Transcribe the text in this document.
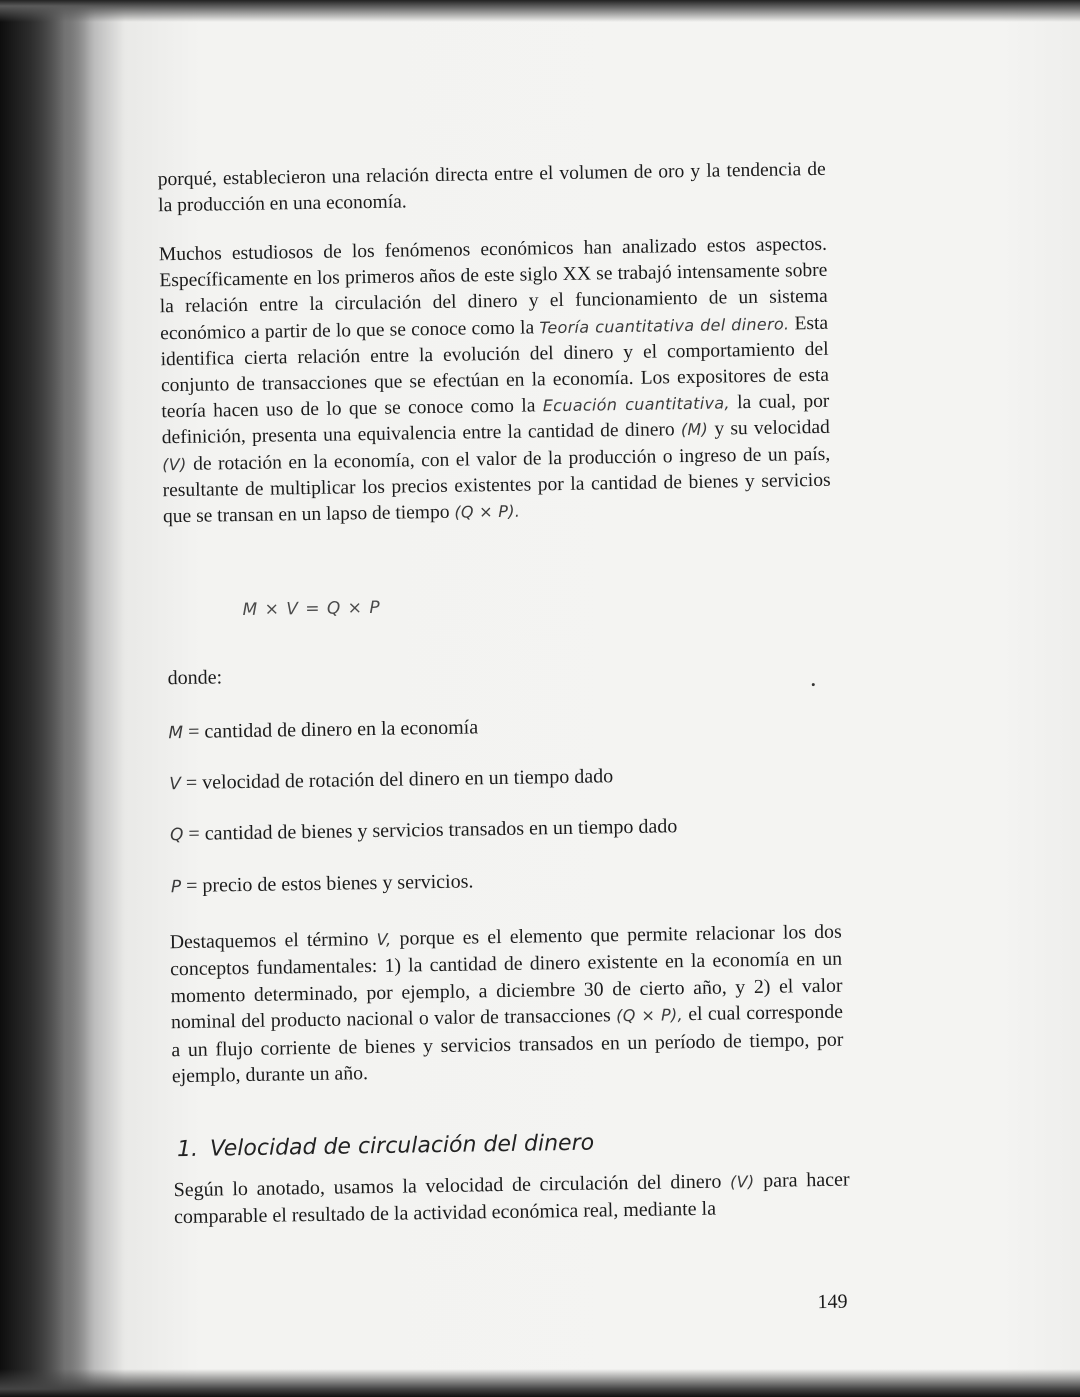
porqué, establecieron una relación directa entre el volumen de oro y la tendencia de la producción en una economía.

Muchos estudiosos de los fenómenos económicos han analizado estos aspectos. Específicamente en los primeros años de este siglo XX se trabajó intensamente sobre la relación entre la circulación del dinero y el funcionamiento de un sistema económico a partir de lo que se conoce como la Teoría cuantitativa del dinero. Esta identifica cierta relación entre la evolución del dinero y el comportamiento del conjunto de transacciones que se efectúan en la economía. Los expositores de esta teoría hacen uso de lo que se conoce como la Ecuación cuantitativa, la cual, por definición, presenta una equivalencia entre la cantidad de dinero (M) y su velocidad (V) de rotación en la economía, con el valor de la producción o ingreso de un país, resultante de multiplicar los precios existentes por la cantidad de bienes y servicios que se transan en un lapso de tiempo (Q × P).

M × V = Q × P
donde:
M = cantidad de dinero en la economía
V = velocidad de rotación del dinero en un tiempo dado
Q = cantidad de bienes y servicios transados en un tiempo dado
P = precio de estos bienes y servicios.

Destaquemos el término V, porque es el elemento que permite relacionar los dos conceptos fundamentales: 1) la cantidad de dinero existente en la economía en un momento determinado, por ejemplo, a diciembre 30 de cierto año, y 2) el valor nominal del producto nacional o valor de transacciones (Q × P), el cual corresponde a un flujo corriente de bienes y servicios transados en un período de tiempo, por ejemplo, durante un año.

1. Velocidad de circulación del dinero

Según lo anotado, usamos la velocidad de circulación del dinero (V) para hacer comparable el resultado de la actividad económica real, mediante la

149
